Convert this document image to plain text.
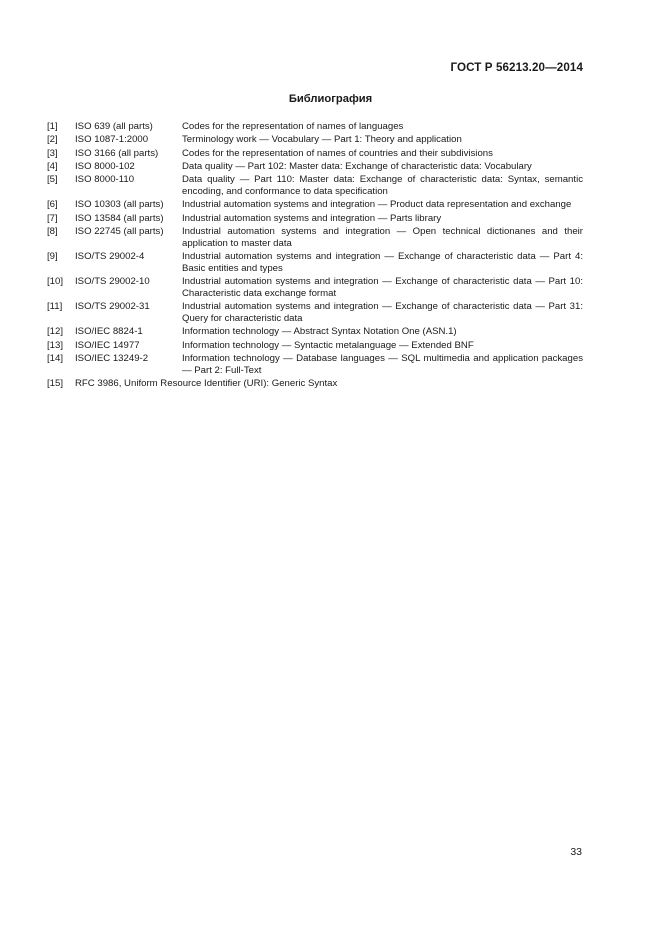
ГОСТ Р 56213.20—2014
Библиография
[1]	ISO 639 (all parts)	Codes for the representation of names of languages
[2]	ISO 1087-1:2000	Terminology work — Vocabulary — Part 1: Theory and application
[3]	ISO 3166 (all parts)	Codes for the representation of names of countries and their subdivisions
[4]	ISO 8000-102	Data quality — Part 102: Master data: Exchange of characteristic data: Vocabulary
[5]	ISO 8000-110	Data quality — Part 110: Master data: Exchange of characteristic data: Syntax, semantic encoding, and conformance to data specification
[6]	ISO 10303 (all parts)	Industrial automation systems and integration — Product data representation and exchange
[7]	ISO 13584 (all parts)	Industrial automation systems and integration — Parts library
[8]	ISO 22745 (all parts)	Industrial automation systems and integration — Open technical dictionanes and their application to master data
[9]	ISO/TS 29002-4	Industrial automation systems and integration — Exchange of characteristic data — Part 4: Basic entities and types
[10]	ISO/TS 29002-10	Industrial automation systems and integration — Exchange of characteristic data — Part 10: Characteristic data exchange format
[11]	ISO/TS 29002-31	Industrial automation systems and integration — Exchange of characteristic data — Part 31: Query for characteristic data
[12]	ISO/IEC 8824-1	Information technology — Abstract Syntax Notation One (ASN.1)
[13]	ISO/IEC 14977	Information technology — Syntactic metalanguage — Extended BNF
[14]	ISO/IEC 13249-2	Information technology — Database languages — SQL multimedia and application packages — Part 2: Full-Text
[15]	RFC 3986, Uniform Resource Identifier (URI): Generic Syntax
33
